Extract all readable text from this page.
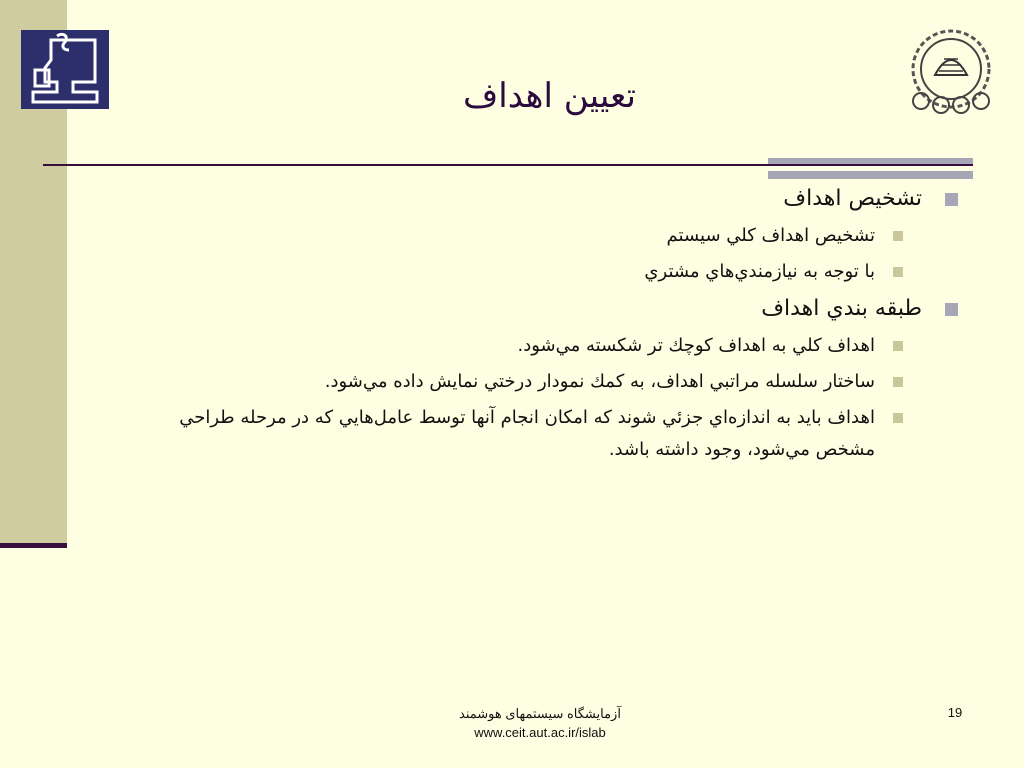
تعيين اهداف
تشخيص اهداف
تشخيص اهداف كلي سيستم
با توجه به نيازمندي‌هاي مشتري
طبقه بندي اهداف
اهداف كلي به اهداف كوچك تر شكسته مي‌شود.
ساختار سلسله مراتبي اهداف، به كمك نمودار درختي نمايش داده مي‌شود.
اهداف بايد به اندازه‌اي جزئي شوند كه امكان انجام آنها توسط عامل‌هايي كه در مرحله طراحي مشخص مي‌شود، وجود داشته باشد.
آزمایشگاه سیستمهای هوشمند
www.ceit.aut.ac.ir/islab
19
